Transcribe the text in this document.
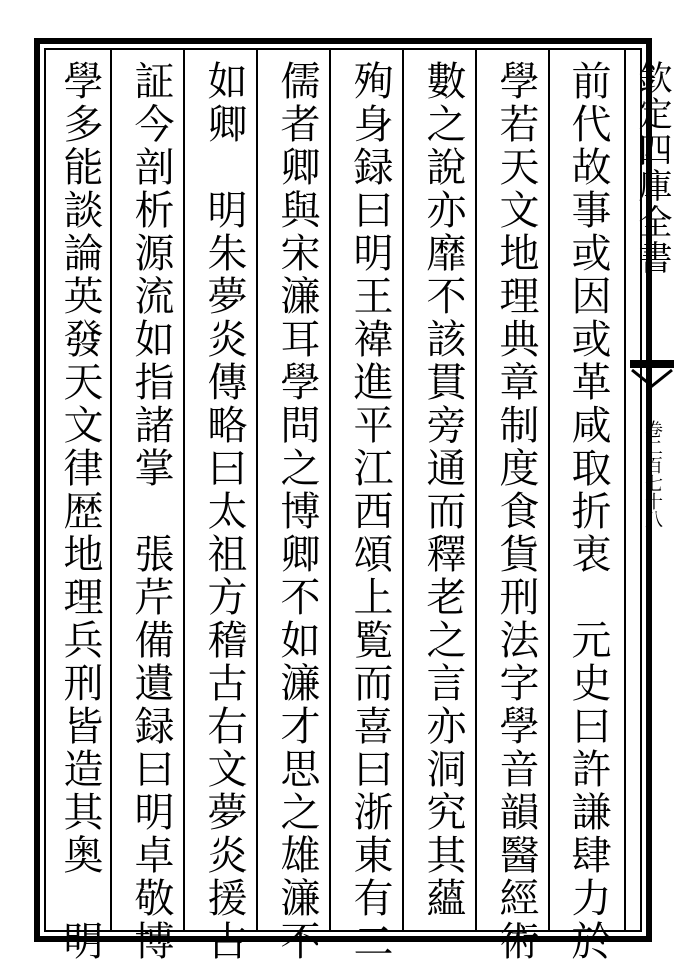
前代故事或因或革咸取折衷　元史曰許謙肆力於
學若天文地理典章制度食貨刑法字學音韻醫經術
數之說亦靡不該貫旁通而釋老之言亦洞究其蘊
殉身録曰明王褘進平江西頌上覧而喜曰浙東有二
儒者卿與宋濓耳學問之博卿不如濓才思之雄濓不
如卿　明朱夢炎傳略曰太祖方稽古右文夢炎援古
証今剖析源流如指諸掌　張芹備遺録曰明卓敬博
學多能談論英發天文律歴地理兵刑皆造其奥　明	欽定四庫全書
卷二百七十八
